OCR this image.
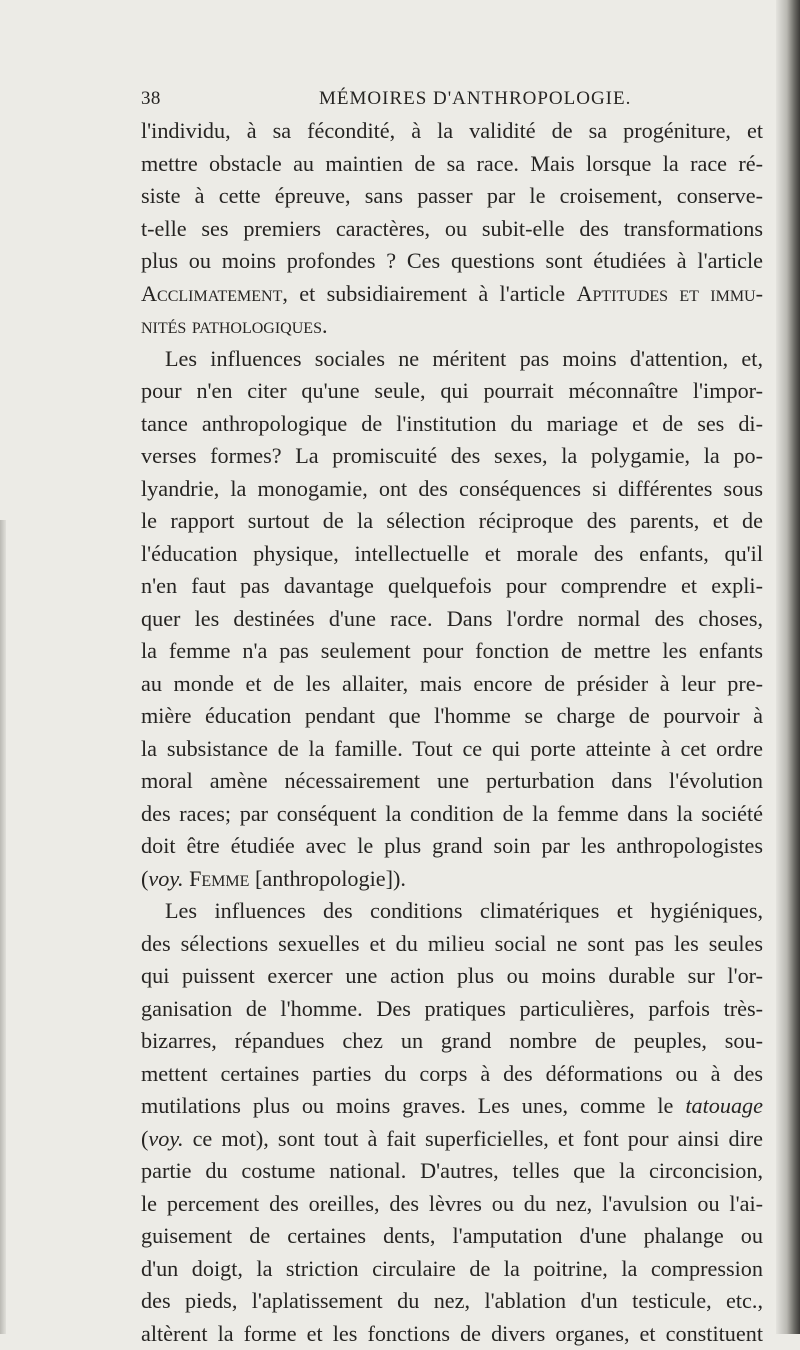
38	MÉMOIRES D'ANTHROPOLOGIE.
l'individu, à sa fécondité, à la validité de sa progéniture, et
mettre obstacle au maintien de sa race. Mais lorsque la race ré-
siste à cette épreuve, sans passer par le croisement, conserve-
t-elle ses premiers caractères, ou subit-elle des transformations
plus ou moins profondes ? Ces questions sont étudiées à l'article
Acclimatement, et subsidiairement à l'article Aptitudes et immu-
nités pathologiques.
Les influences sociales ne méritent pas moins d'attention, et,
pour n'en citer qu'une seule, qui pourrait méconnaître l'impor-
tance anthropologique de l'institution du mariage et de ses di-
verses formes? La promiscuité des sexes, la polygamie, la po-
lyandrie, la monogamie, ont des conséquences si différentes sous
le rapport surtout de la sélection réciproque des parents, et de
l'éducation physique, intellectuelle et morale des enfants, qu'il
n'en faut pas davantage quelquefois pour comprendre et expli-
quer les destinées d'une race. Dans l'ordre normal des choses,
la femme n'a pas seulement pour fonction de mettre les enfants
au monde et de les allaiter, mais encore de présider à leur pre-
mière éducation pendant que l'homme se charge de pourvoir à
la subsistance de la famille. Tout ce qui porte atteinte à cet ordre
moral amène nécessairement une perturbation dans l'évolution
des races; par conséquent la condition de la femme dans la société
doit être étudiée avec le plus grand soin par les anthropologistes
(voy. Femme [anthropologie]).
Les influences des conditions climatériques et hygiéniques,
des sélections sexuelles et du milieu social ne sont pas les seules
qui puissent exercer une action plus ou moins durable sur l'or-
ganisation de l'homme. Des pratiques particulières, parfois très-
bizarres, répandues chez un grand nombre de peuples, sou-
mettent certaines parties du corps à des déformations ou à des
mutilations plus ou moins graves. Les unes, comme le tatouage
(voy. ce mot), sont tout à fait superficielles, et font pour ainsi dire
partie du costume national. D'autres, telles que la circoncision,
le percement des oreilles, des lèvres ou du nez, l'avulsion ou l'ai-
guisement de certaines dents, l'amputation d'une phalange ou
d'un doigt, la striction circulaire de la poitrine, la compression
des pieds, l'aplatissement du nez, l'ablation d'un testicule, etc.,
altèrent la forme et les fonctions de divers organes, et constituent
